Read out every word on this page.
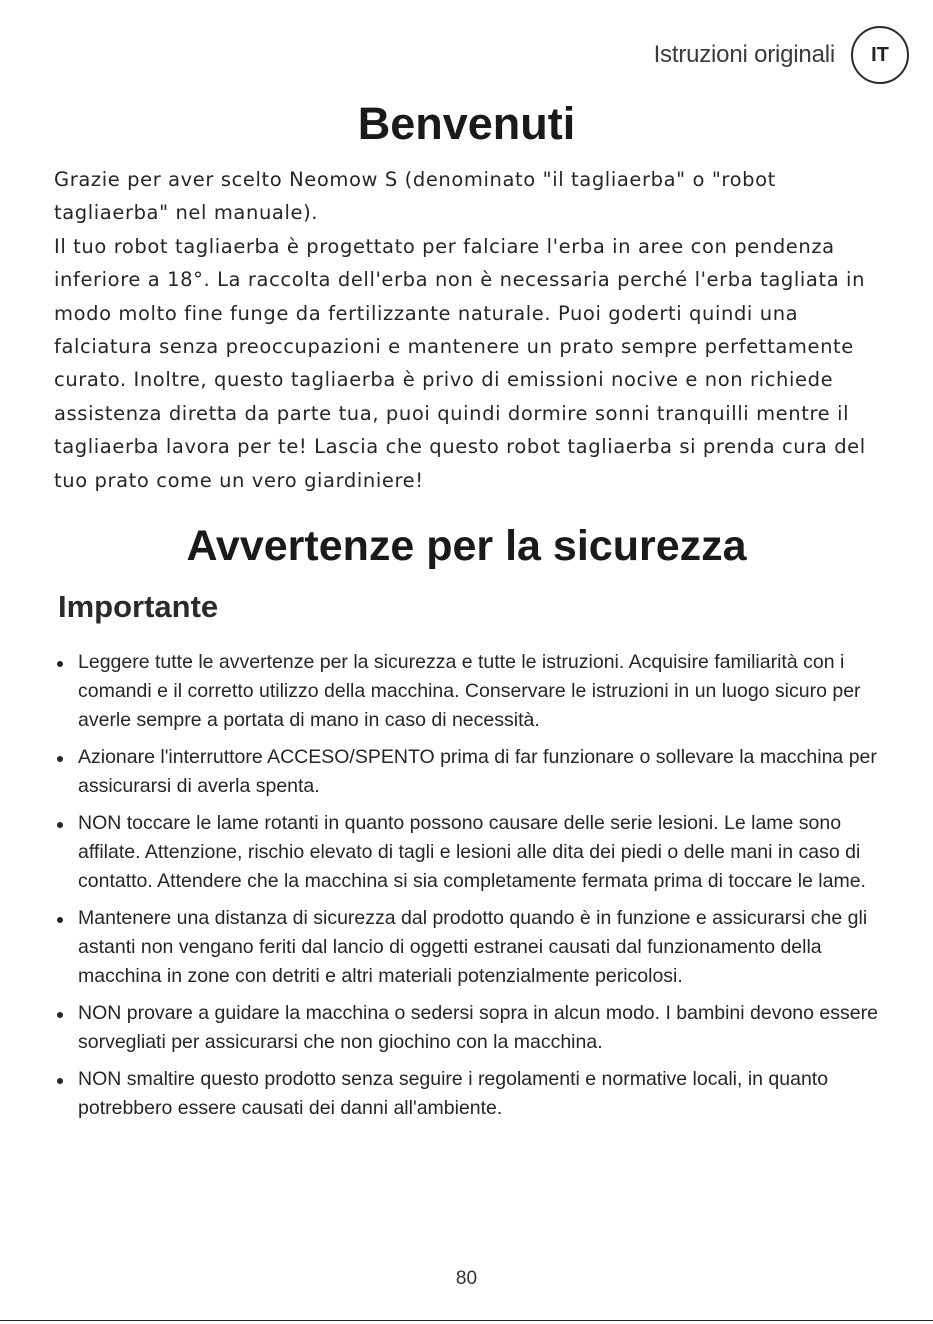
Istruzioni originali	IT
Benvenuti

Grazie per aver scelto Neomow S (denominato "il tagliaerba" o "robot tagliaerba" nel manuale).

Il tuo robot tagliaerba è progettato per falciare l'erba in aree con pendenza inferiore a 18°. La raccolta dell'erba non è necessaria perché l'erba tagliata in modo molto fine funge da fertilizzante naturale. Puoi goderti quindi una falciatura senza preoccupazioni e mantenere un prato sempre perfettamente curato. Inoltre, questo tagliaerba è privo di emissioni nocive e non richiede assistenza diretta da parte tua, puoi quindi dormire sonni tranquilli mentre il tagliaerba lavora per te! Lascia che questo robot tagliaerba si prenda cura del tuo prato come un vero giardiniere!

Avvertenze per la sicurezza
Importante
Leggere tutte le avvertenze per la sicurezza e tutte le istruzioni. Acquisire familiarità con i comandi e il corretto utilizzo della macchina. Conservare le istruzioni in un luogo sicuro per averle sempre a portata di mano in caso di necessità.
Azionare l'interruttore ACCESO/SPENTO prima di far funzionare o sollevare la macchina per assicurarsi di averla spenta.
NON toccare le lame rotanti in quanto possono causare delle serie lesioni. Le lame sono affilate. Attenzione, rischio elevato di tagli e lesioni alle dita dei piedi o delle mani in caso di contatto. Attendere che la macchina si sia completamente fermata prima di toccare le lame.
Mantenere una distanza di sicurezza dal prodotto quando è in funzione e assicurarsi che gli astanti non vengano feriti dal lancio di oggetti estranei causati dal funzionamento della macchina in zone con detriti e altri materiali potenzialmente pericolosi.
NON provare a guidare la macchina o sedersi sopra in alcun modo. I bambini devono essere sorvegliati per assicurarsi che non giochino con la macchina.
NON smaltire questo prodotto senza seguire i regolamenti e normative locali, in quanto potrebbero essere causati dei danni all'ambiente.
80
